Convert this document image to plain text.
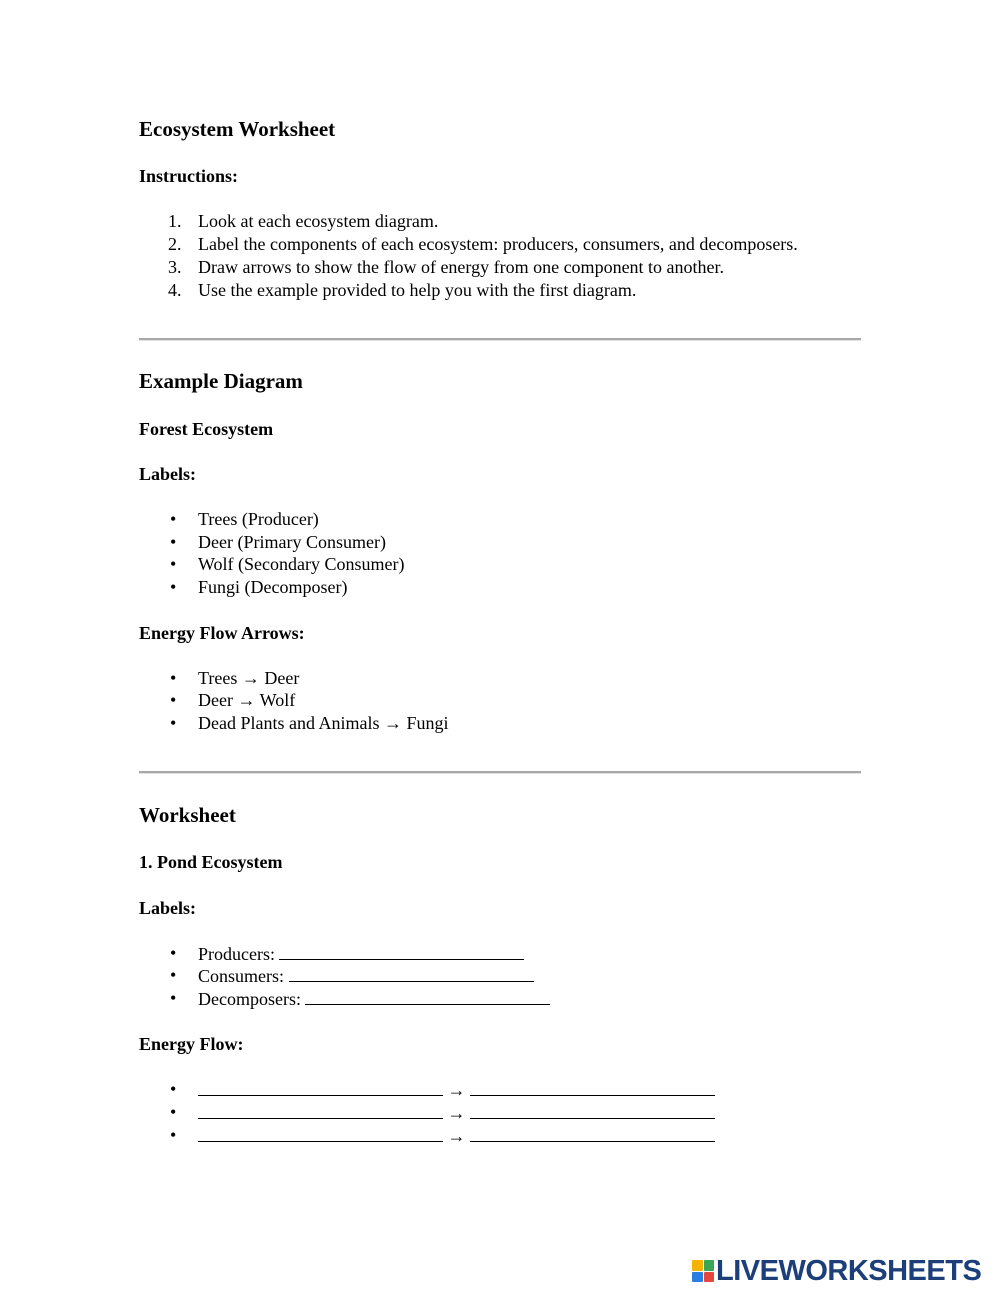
Ecosystem Worksheet
Instructions:
1. Look at each ecosystem diagram.
2. Label the components of each ecosystem: producers, consumers, and decomposers.
3. Draw arrows to show the flow of energy from one component to another.
4. Use the example provided to help you with the first diagram.
Example Diagram
Forest Ecosystem
Labels:
• Trees (Producer)
• Deer (Primary Consumer)
• Wolf (Secondary Consumer)
• Fungi (Decomposer)
Energy Flow Arrows:
• Trees → Deer
• Deer → Wolf
• Dead Plants and Animals → Fungi
Worksheet
1. Pond Ecosystem
Labels:
• Producers:
• Consumers:
• Decomposers:
Energy Flow:
•	→
•	→
•	→
LIVEWORKSHEETS
